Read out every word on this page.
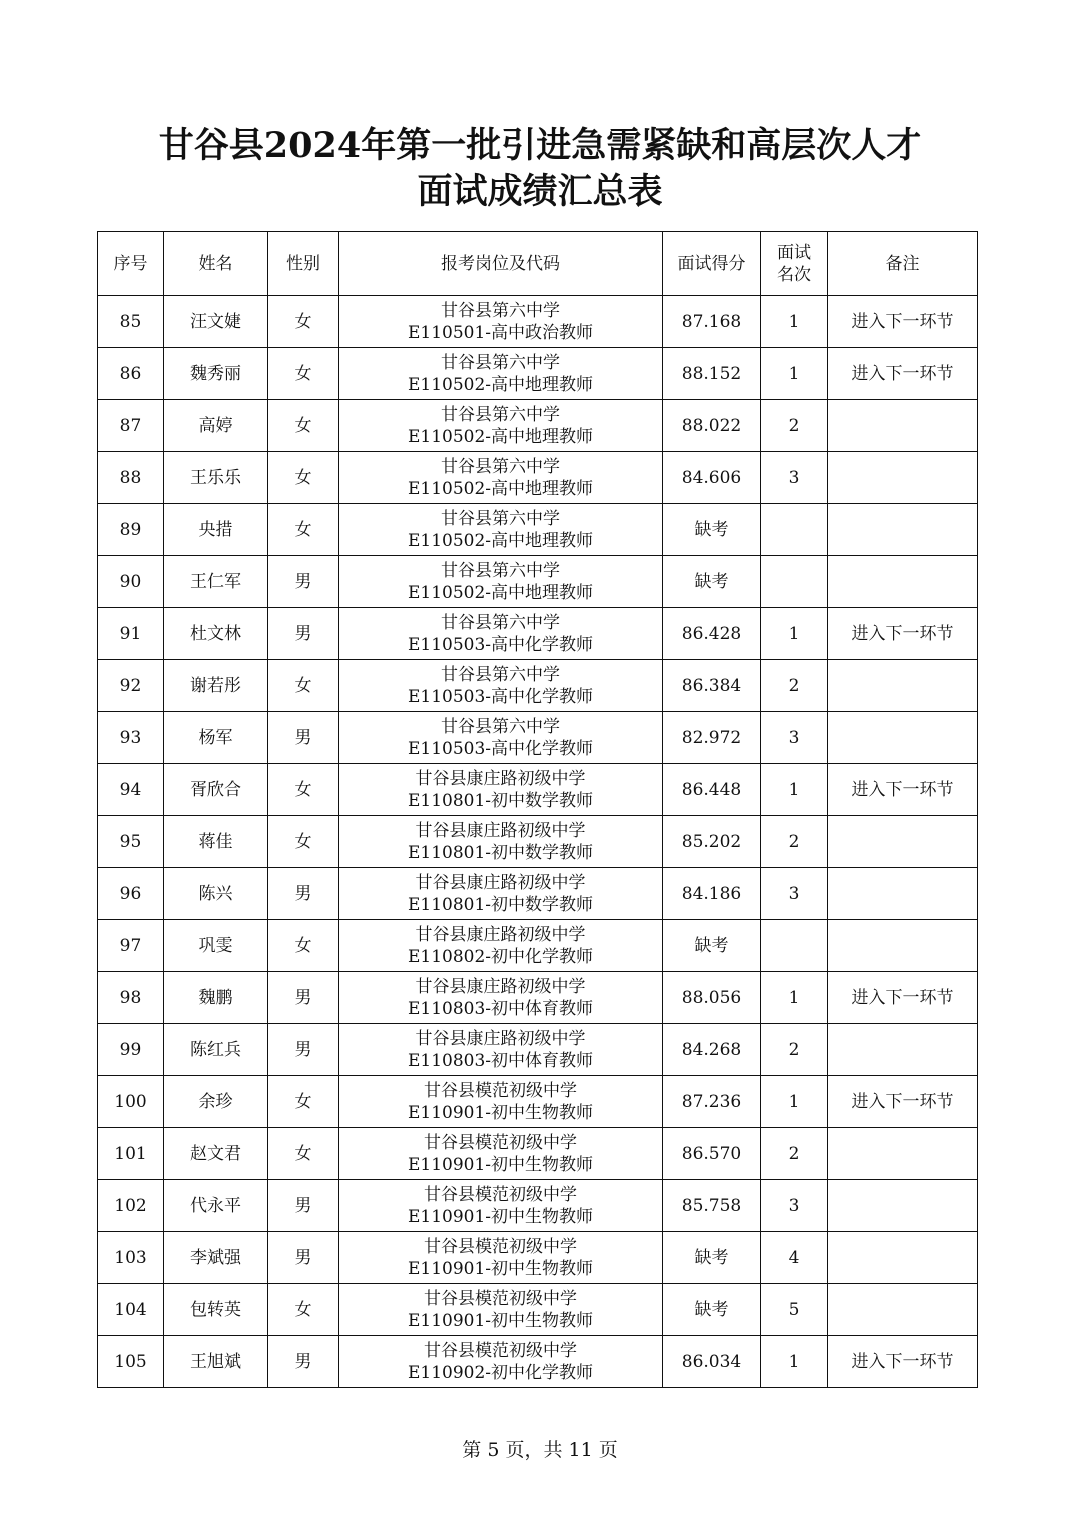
甘谷县2024年第一批引进急需紧缺和高层次人才
面试成绩汇总表
序号	姓名	性别	报考岗位及代码	面试得分	面试
名次	备注
85	汪文婕	女	甘谷县第六中学
E110501-高中政治教师	87.168	1	进入下一环节
86	魏秀丽	女	甘谷县第六中学
E110502-高中地理教师	88.152	1	进入下一环节
87	高婷	女	甘谷县第六中学
E110502-高中地理教师	88.022	2	
88	王乐乐	女	甘谷县第六中学
E110502-高中地理教师	84.606	3	
89	央措	女	甘谷县第六中学
E110502-高中地理教师	缺考		
90	王仁军	男	甘谷县第六中学
E110502-高中地理教师	缺考		
91	杜文林	男	甘谷县第六中学
E110503-高中化学教师	86.428	1	进入下一环节
92	谢若彤	女	甘谷县第六中学
E110503-高中化学教师	86.384	2	
93	杨军	男	甘谷县第六中学
E110503-高中化学教师	82.972	3	
94	胥欣合	女	甘谷县康庄路初级中学
E110801-初中数学教师	86.448	1	进入下一环节
95	蒋佳	女	甘谷县康庄路初级中学
E110801-初中数学教师	85.202	2	
96	陈兴	男	甘谷县康庄路初级中学
E110801-初中数学教师	84.186	3	
97	巩雯	女	甘谷县康庄路初级中学
E110802-初中化学教师	缺考		
98	魏鹏	男	甘谷县康庄路初级中学
E110803-初中体育教师	88.056	1	进入下一环节
99	陈红兵	男	甘谷县康庄路初级中学
E110803-初中体育教师	84.268	2	
100	余珍	女	甘谷县模范初级中学
E110901-初中生物教师	87.236	1	进入下一环节
101	赵文君	女	甘谷县模范初级中学
E110901-初中生物教师	86.570	2	
102	代永平	男	甘谷县模范初级中学
E110901-初中生物教师	85.758	3	
103	李斌强	男	甘谷县模范初级中学
E110901-初中生物教师	缺考	4	
104	包转英	女	甘谷县模范初级中学
E110901-初中生物教师	缺考	5	
105	王旭斌	男	甘谷县模范初级中学
E110902-初中化学教师	86.034	1	进入下一环节
第 5 页，共 11 页
